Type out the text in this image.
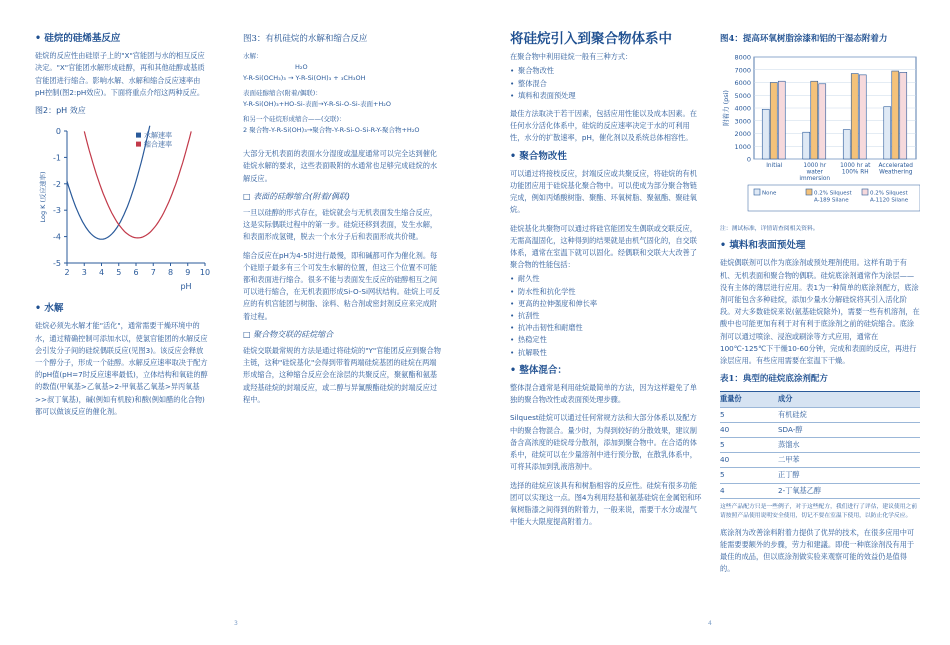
• 硅烷的硅烯基反应

硅烷的反应性由硅原子上的"X"官能团与水的相互反应决定。"X"官能团水解形成硅醇，再和其他硅醇或基质官能团进行缩合。影响水解、水解和缩合反应速率由pH控制(图2:pH效应)。下面将重点介绍这两种反应。

图2：pH 效应
0
-1
-2
-3
-4
-5
2 3 4 5 6 7 8 9 10
pH
Log K (反应速率)
水解速率
缩合速率
• 水解

硅烷必须先水解才能"活化"，通常需要干燥环境中的水，通过精确控制可添加水以，使氯官能团的水解反应会引发分子间的硅烷偶联反应(见图3)。该反应会释放一个醇分子，形成一个硅醇。水解反应速率取决于配方的pH值(pH=7时反应速率最低)，立体结构和氧硅的醇的数值(甲氧基>乙氧基>2-甲氧基乙氧基>异丙氧基>>叔丁氧基)，碱(例如有机胺)和酸(例如醋的化合物)都可以做该反应的催化剂。

图3：有机硅烷的水解和缩合反应
水解：
H₂O
Y-R-Si(OCH₃)₃ → Y-R-Si(OH)₃ + ₃CH₃OH
表面硅醇缩合(附着/偶联)：
Y-R-Si(OH)₃+HO-Si-表面→Y-R-Si-O-Si-表面+H₂O
和另一个硅烷形成缩合——(交联)：
2 聚合物-Y-R-Si(OH)₃→聚合物-Y-R-Si-O-Si-R-Y-聚合物+H₂O

大部分无机表面的表面水分湿度或温度通常可以完全达到催化硅烷水解的要求，这些表面吸附的水通常也足够完成硅烷的水解反应。

□ 表面的硅醇缩合(附着/偶联)

一旦以硅醇的形式存在，硅烷就会与无机表面发生缩合反应，这是实际偶联过程中的第一步。硅烷还移到表面，发生水解，和表面形成氢键，脱去一个水分子后和表面形成共价键。

缩合反应在pH为4-5时进行最慢，即和碱都可作为催化剂。每个硅原子最多有三个可发生水解的位置，但这三个位置不可能都和表面进行缩合。很多不能与表面发生反应的硅醇相互之间可以进行缩合，在无机表面形成Si-O-Si网状结构。硅烷上可反应的有机官能团与树脂、涂料、粘合剂或密封剂反应来完成附着过程。

□ 聚合物交联的硅烷缩合

硅烷交联最常规的方法是通过将硅烷的"Y"官能团反应到聚合物主链，这种"硅烷基化"会得到带着两端硅烷基团的硅烷在两端形成缩合，这种缩合反应会在涂层的共聚反应，聚氨酯和氨基或羟基硅烷的封端反应，或二醇与异氰酸酯硅烷的封端反应过程中。

3
将硅烷引入到聚合物体系中

在聚合物中利用硅烷一般有三种方式：

• 聚合物改性
• 整体混合
• 填料和表面预处理

最佳方法取决于若干因素，包括应用性能以及成本因素。在任何水分活化体系中，硅烷的反应速率决定于水的可利用性，水分的扩散速率，pH，催化剂以及系统总体相容性。

• 聚合物改性

可以通过将接枝反应，封端反应或共聚反应，将硅烷的有机功能团应用于硅烷基化聚合物中。可以使成为部分聚合物链完成，例如丙烯酸树脂、聚酯、环氧树脂、聚氨酯、聚硅氧烷。

硅烷基化共聚物可以通过将硅官能团发生偶联或交联反应，无需高温固化，这种得到的结果就是由机气固化的，自交联体系，通常在室温下就可以固化。经偶联和交联大大改善了聚合物的性能包括：

• 耐久性
• 防水性和抗化学性
• 更高的拉伸强度和伸长率
• 抗刮性
• 抗冲击韧性和耐磨性
• 热稳定性
• 抗解吸性
• 整体混合：

整体混合通常是利用硅烷最简单的方法，因为这样避免了单独的聚合物改性或表面预处理步骤。

Silquest硅烷可以通过任何常规方法和大部分体系以及配方中的聚合物混合。量少时，为得到较好的分散效果，建议制备含高浓度的硅烷母分散剂，添加到聚合物中。在合适的体系中，硅烷可以在少量溶剂中进行预分散，在散乳体系中，可将其添加到乳液溶剂中。

选择的硅烷应该具有和树脂相容的反应性。硅烷有很多功能团可以实现这一点。图4为利用羟基和氨基硅烷在金属铝和环氧树脂漆之间得到的附着力，一般来说，需要干水分或湿气中能大大限度提高附着力。

图4：提高环氧树脂涂漆和铝的干湿态附着力
0
1000
2000
3000
4000
5000
6000
7000
8000
附着力 (psi)
Initial	1000 hr water immersion
1000 hr at 100% RH
Accelerated Weathering
None	0.2% Silquest A-189 Silane
0.2% Silquest A-1120 Silane
注：测试标准，详情请查阅相关资料。
• 填料和表面预处理

硅烷偶联剂可以作为底涂剂或预处理剂使用。这样有助于有机、无机表面和聚合物的偶联。硅烷底涂剂通常作为涂层——没有主体的薄层进行应用。表1为一种简单的底涂剂配方，底涂剂可能包含多种硅烷，添加少量水分解硅烷将其引入活化阶段。对大多数硅烷来说(氨基硅烷除外)，需要一些有机溶剂，在酸中也可能更加有利于对有利于底涂剂之前的硅烷缩合。底涂剂可以通过喷涂、浸泡或刷涂等方式应用，通常在100℃-125℃下干燥10-60分钟，完成和表面的反应，再进行涂层应用。有些应用需要在室温下干燥。

表1：典型的硅烷底涂剂配方
重量份	成分
5	有机硅烷
40	SDA-醇
5	蒸馏水
40	二甲苯
5	正丁醇
4	2-丁氧基乙醇
这些产品配方只是一些例子，对于这些配方，我们进行了评估，建议使用之前请按照产品使用说明安全使用，切记不要在室温下使用，以防止化学反应。

底涂剂为改善涂料附着力提供了优异的技术，在很多应用中可能需要要额外的步骤，劳力和建議。即使一种底涂剂没有用于最佳的成品，但以底涂剂做实验来观察可能的效益仍是值得的。

4
